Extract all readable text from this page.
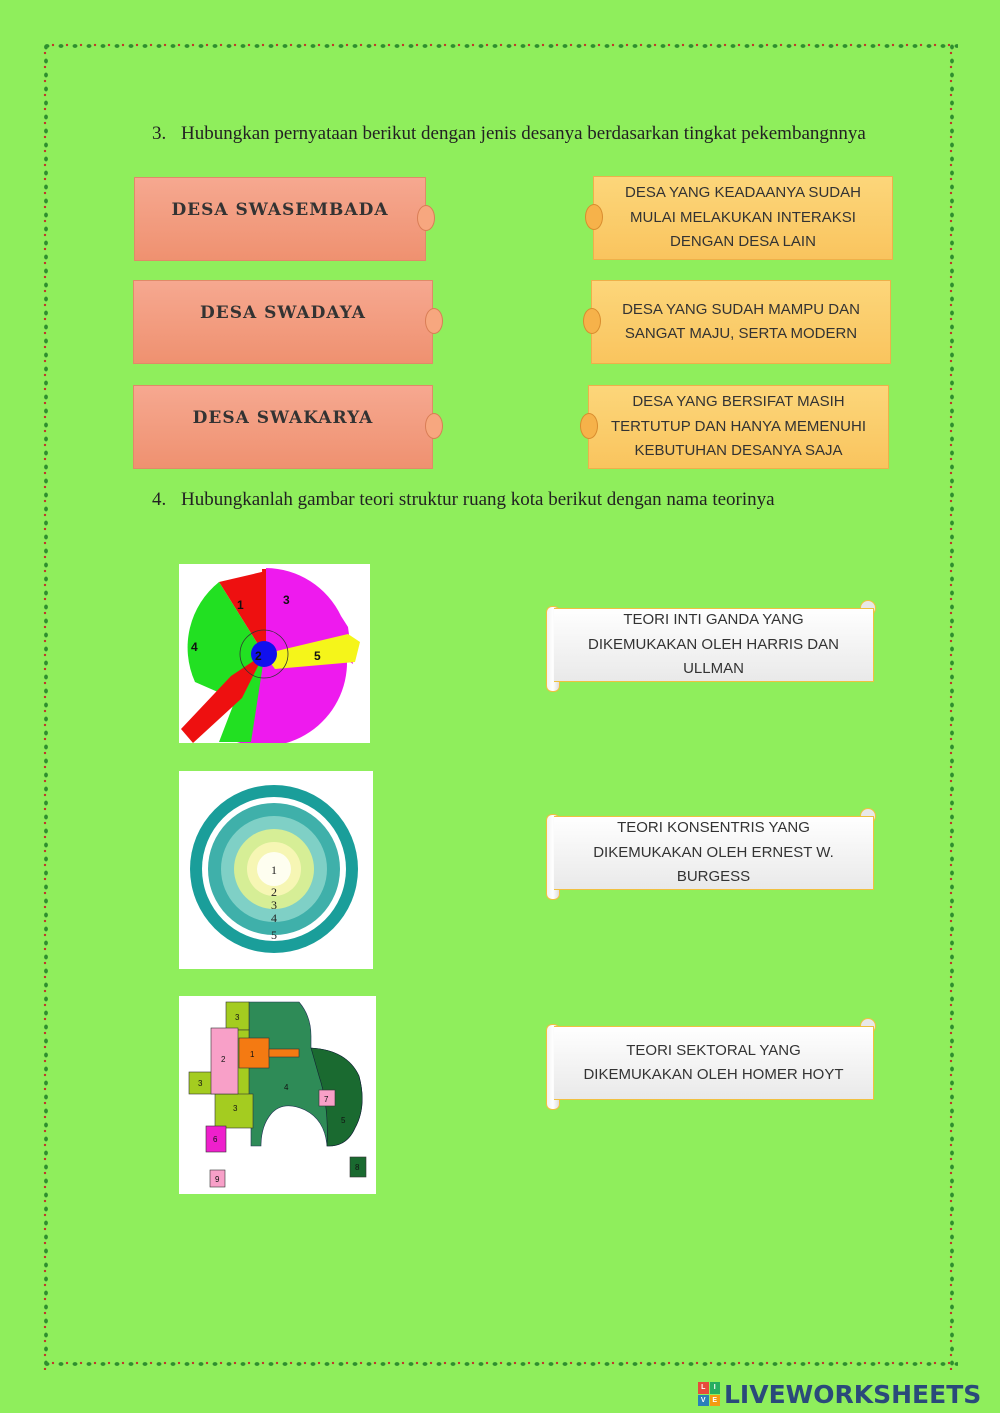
3. Hubungkan pernyataan berikut dengan jenis desanya berdasarkan tingkat pekembangnnya
DESA SWASEMBADA
DESA SWADAYA
DESA SWAKARYA
DESA YANG KEADAANYA SUDAH MULAI MELAKUKAN INTERAKSI DENGAN DESA LAIN
DESA YANG SUDAH MAMPU DAN SANGAT MAJU, SERTA MODERN
DESA YANG BERSIFAT MASIH TERTUTUP DAN HANYA MEMENUHI KEBUTUHAN DESANYA SAJA
4. Hubungkanlah gambar teori struktur ruang kota berikut dengan nama teorinya
1
2
3
4
5
1
2
3
4
5
1
2
3
3
3
4
5
6
7
8
9
TEORI INTI GANDA YANG DIKEMUKAKAN OLEH HARRIS DAN ULLMAN
TEORI KONSENTRIS YANG DIKEMUKAKAN OLEH ERNEST W. BURGESS
TEORI SEKTORAL YANG DIKEMUKAKAN OLEH HOMER HOYT
L	I
V E LIVEWORKSHEETS
